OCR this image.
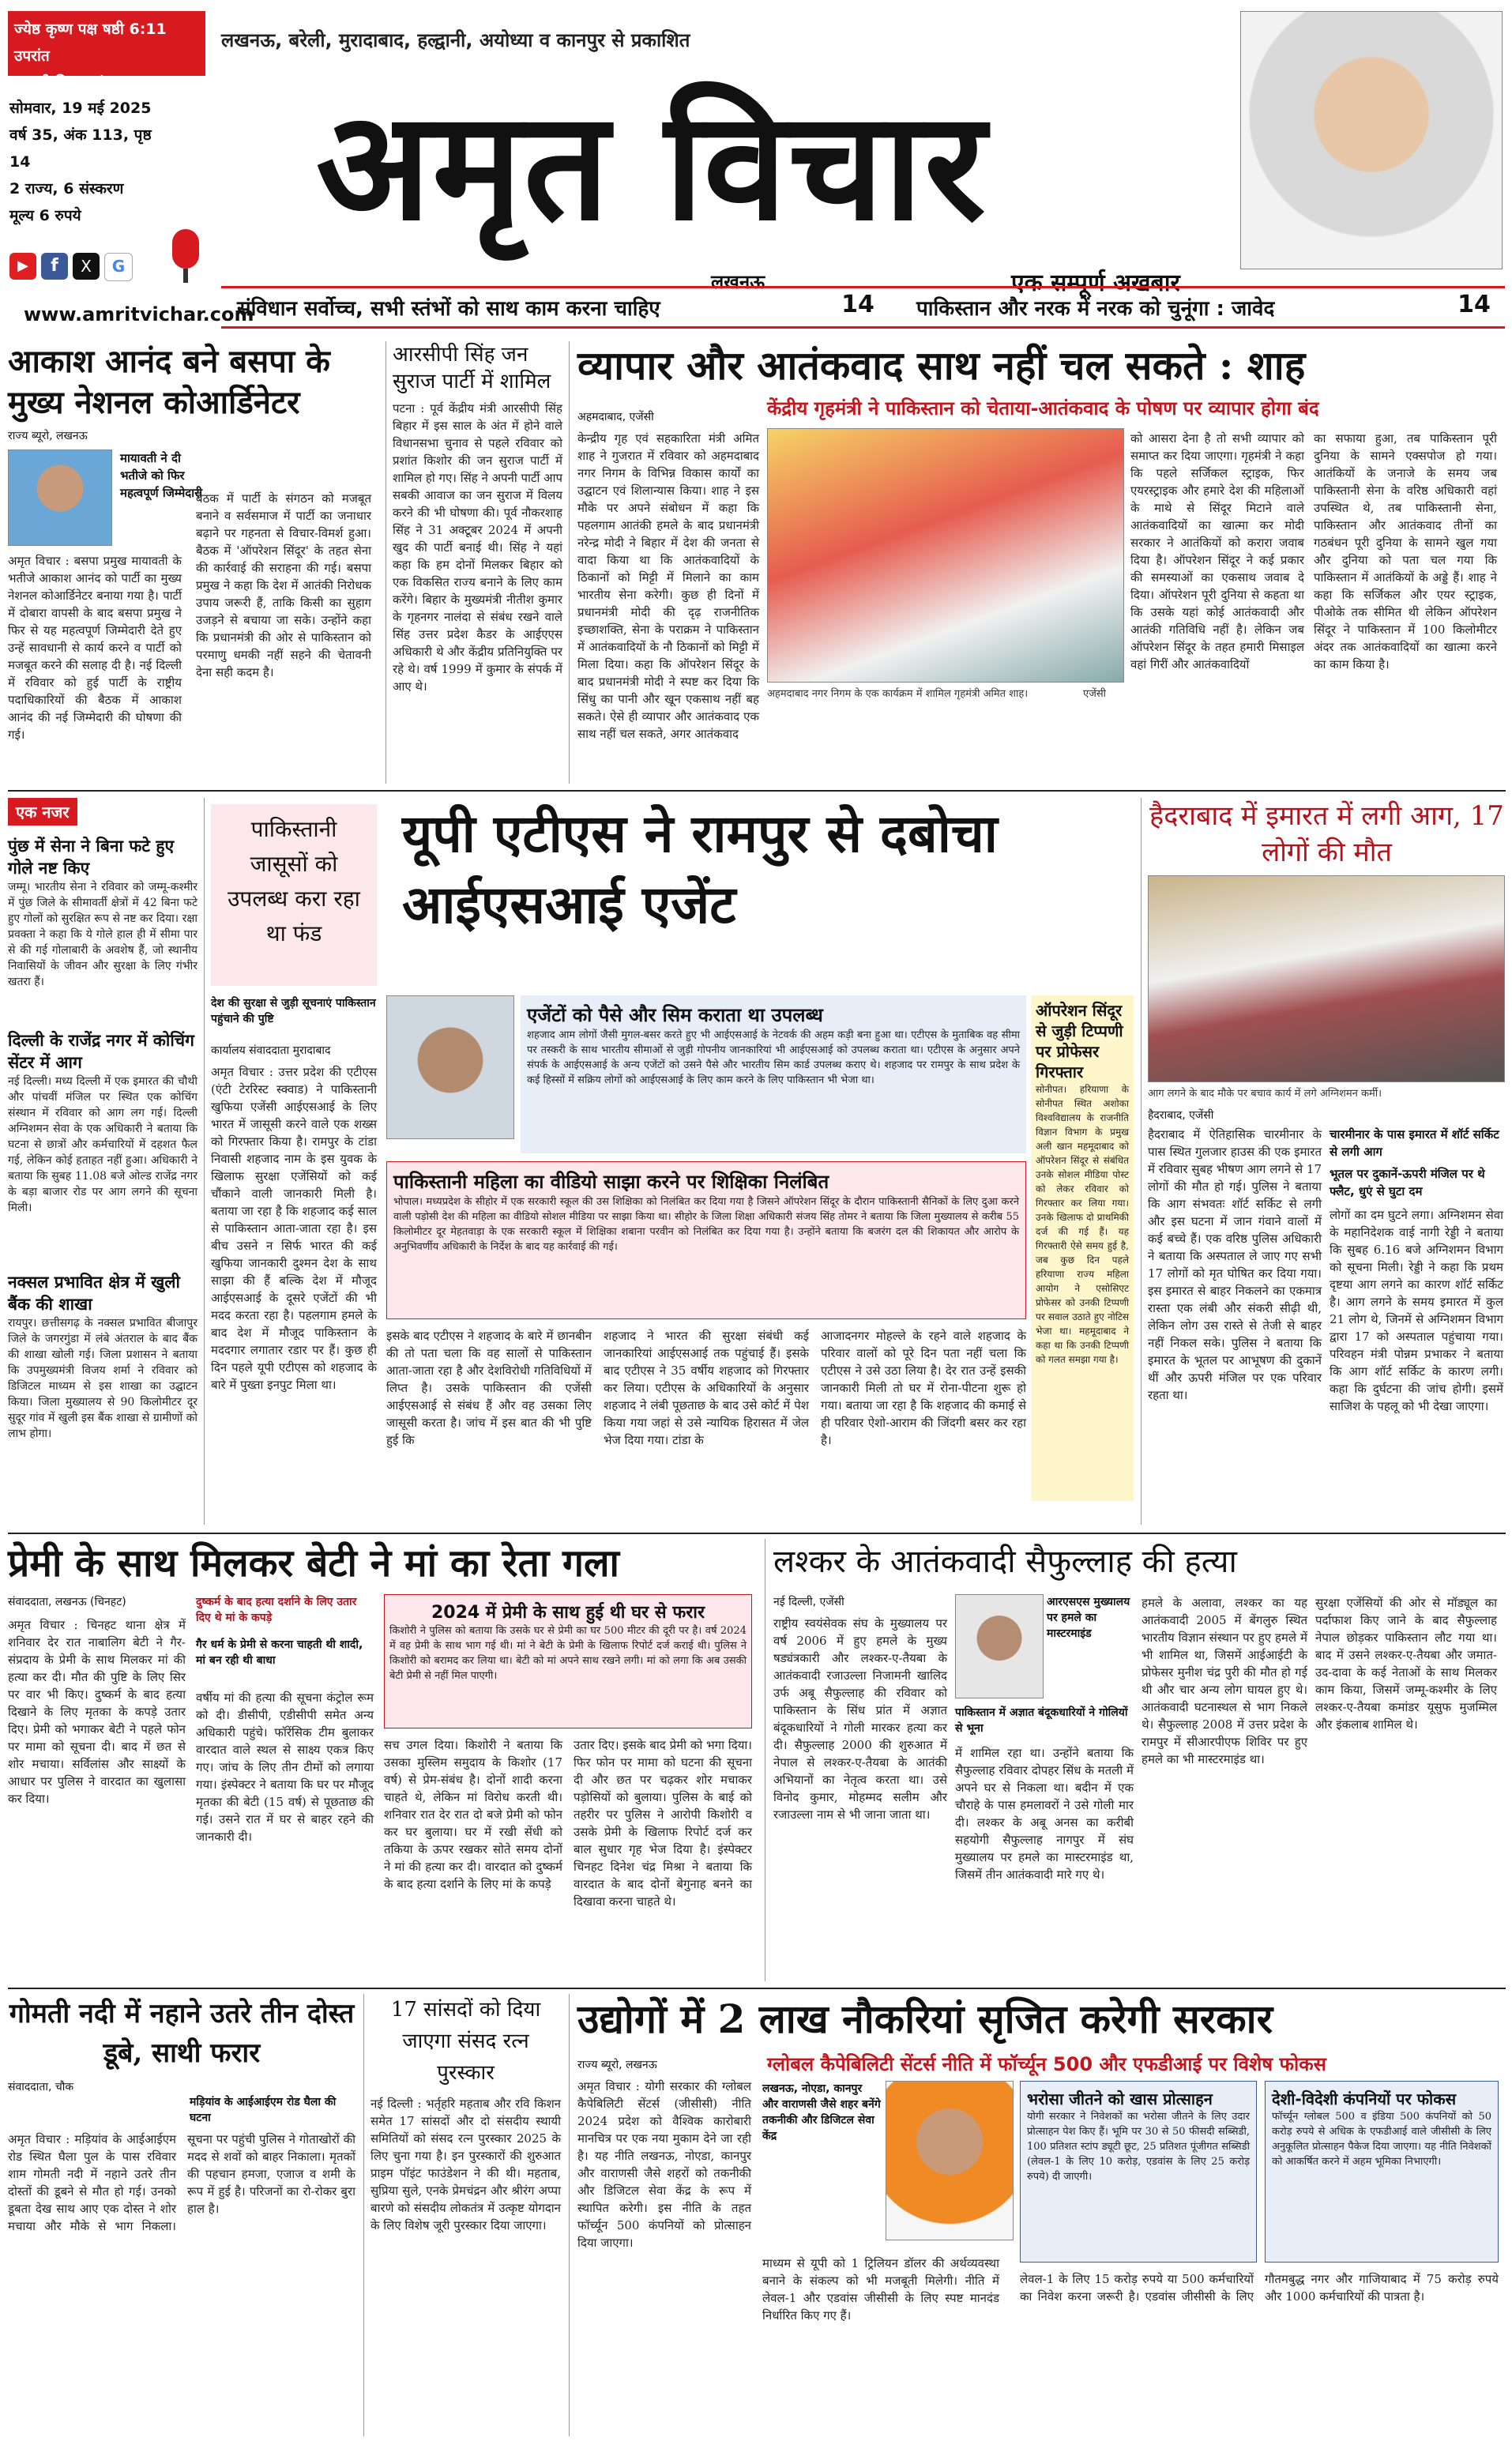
ज्येष्ठ कृष्ण पक्ष षष्ठी 6:11 उपरांत
सप्तमी विक्रम संवत 2082
लखनऊ, बरेली, मुरादाबाद, हल्द्वानी, अयोध्या व कानपुर से प्रकाशित
सोमवार, 19 मई 2025
वर्ष 35, अंक 113, पृष्ठ 14
2 राज्य, 6 संस्करण
मूल्य 6 रुपये
▶	f	X	G
www.amritvichar.com
अमृत विचार
लखनऊ	एक सम्पूर्ण अखबार
संविधान सर्वोच्च, सभी स्तंभों को साथ काम करना चाहिए	14 पाकिस्तान और नरक में नरक को चुनूंगा : जावेद	14
आकाश आनंद बने बसपा के मुख्य नेशनल कोआर्डिनेटर
राज्य ब्यूरो, लखनऊ
मायावती ने दी भतीजे को फिर महत्वपूर्ण जिम्मेदारी
अमृत विचार : बसपा प्रमुख मायावती के भतीजे आकाश आनंद को पार्टी का मुख्य नेशनल कोआर्डिनेटर बनाया गया है। पार्टी में दोबारा वापसी के बाद बसपा प्रमुख ने फिर से यह महत्वपूर्ण जिम्मेदारी देते हुए उन्हें सावधानी से कार्य करने व पार्टी को मजबूत करने की सलाह दी है। नई दिल्ली में रविवार को हुई पार्टी के राष्ट्रीय पदाधिकारियों की बैठक में आकाश आनंद की नई जिम्मेदारी की घोषणा की गई।
बैठक में पार्टी के संगठन को मजबूत बनाने व सर्वसमाज में पार्टी का जनाधार बढ़ाने पर गहनता से विचार-विमर्श हुआ। बैठक में 'ऑपरेशन सिंदूर' के तहत सेना की कार्रवाई की सराहना की गई। बसपा प्रमुख ने कहा कि देश में आतंकी निरोधक उपाय जरूरी हैं, ताकि किसी का सुहाग उजड़ने से बचाया जा सके। उन्होंने कहा कि प्रधानमंत्री की ओर से पाकिस्तान को परमाणु धमकी नहीं सहने की चेतावनी देना सही कदम है।
आरसीपी सिंह जन सुराज पार्टी में शामिल
पटना : पूर्व केंद्रीय मंत्री आरसीपी सिंह बिहार में इस साल के अंत में होने वाले विधानसभा चुनाव से पहले रविवार को प्रशांत किशोर की जन सुराज पार्टी में शामिल हो गए। सिंह ने अपनी पार्टी आप सबकी आवाज का जन सुराज में विलय करने की भी घोषणा की। पूर्व नौकरशाह सिंह ने 31 अक्टूबर 2024 में अपनी खुद की पार्टी बनाई थी। सिंह ने यहां कहा कि हम दोनों मिलकर बिहार को एक विकसित राज्य बनाने के लिए काम करेंगे। बिहार के मुख्यमंत्री नीतीश कुमार के गृहनगर नालंदा से संबंध रखने वाले सिंह उत्तर प्रदेश कैडर के आईएएस अधिकारी थे और केंद्रीय प्रतिनियुक्ति पर रहे थे। वर्ष 1999 में कुमार के संपर्क में आए थे।
व्यापार और आतंकवाद साथ नहीं चल सकते : शाह
अहमदाबाद, एजेंसी	केंद्रीय गृहमंत्री ने पाकिस्तान को चेताया-आतंकवाद के पोषण पर व्यापार होगा बंद
केन्द्रीय गृह एवं सहकारिता मंत्री अमित शाह ने गुजरात में रविवार को अहमदाबाद नगर निगम के विभिन्न विकास कार्यों का उद्घाटन एवं शिलान्यास किया। शाह ने इस मौके पर अपने संबोधन में कहा कि पहलगाम आतंकी हमले के बाद प्रधानमंत्री नरेन्द्र मोदी ने बिहार में देश की जनता से वादा किया था कि आतंकवादियों के ठिकानों को मिट्टी में मिलाने का काम भारतीय सेना करेगी। कुछ ही दिनों में प्रधानमंत्री मोदी की दृढ़ राजनीतिक इच्छाशक्ति, सेना के पराक्रम ने पाकिस्तान में आतंकवादियों के नौ ठिकानों को मिट्टी में मिला दिया। कहा कि ऑपरेशन सिंदूर के बाद प्रधानमंत्री मोदी ने स्पष्ट कर दिया कि सिंधु का पानी और खून एकसाथ नहीं बह सकते। ऐसे ही व्यापार और आतंकवाद एक साथ नहीं चल सकते, अगर आतंकवाद
अहमदाबाद नगर निगम के एक कार्यक्रम में शामिल गृहमंत्री अमित शाह।	एजेंसी
को आसरा देना है तो सभी व्यापार को समाप्त कर दिया जाएगा। गृहमंत्री ने कहा कि पहले सर्जिकल स्ट्राइक, फिर एयरस्ट्राइक और हमारे देश की महिलाओं के माथे से सिंदूर मिटाने वाले आतंकवादियों का खात्मा कर मोदी सरकार ने आतंकियों को करारा जवाब दिया है। ऑपरेशन सिंदूर ने कई प्रकार की समस्याओं का एकसाथ जवाब दे दिया। ऑपरेशन पूरी दुनिया से कहता था कि उसके यहां कोई आतंकवादी और आतंकी गतिविधि नहीं है। लेकिन जब ऑपरेशन सिंदूर के तहत हमारी मिसाइल वहां गिरीं और आतंकवादियों
का सफाया हुआ, तब पाकिस्तान पूरी दुनिया के सामने एक्सपोज हो गया। आतंकियों के जनाजे के समय जब पाकिस्तानी सेना के वरिष्ठ अधिकारी वहां उपस्थित थे, तब पाकिस्तानी सेना, पाकिस्तान और आतंकवाद तीनों का गठबंधन पूरी दुनिया के सामने खुल गया और दुनिया को पता चल गया कि पाकिस्तान में आतंकियों के अड्डे हैं। शाह ने कहा कि सर्जिकल और एयर स्ट्राइक, पीओके तक सीमित थी लेकिन ऑपरेशन सिंदूर ने पाकिस्तान में 100 किलोमीटर अंदर तक आतंकवादियों का खात्मा करने का काम किया है।
एक नजर
पुंछ में सेना ने बिना फटे हुए गोले नष्ट किए
जम्मू। भारतीय सेना ने रविवार को जम्मू-कश्मीर में पुंछ जिले के सीमावर्ती क्षेत्रों में 42 बिना फटे हुए गोलों को सुरक्षित रूप से नष्ट कर दिया। रक्षा प्रवक्ता ने कहा कि ये गोले हाल ही में सीमा पार से की गई गोलाबारी के अवशेष हैं, जो स्थानीय निवासियों के जीवन और सुरक्षा के लिए गंभीर खतरा हैं।
दिल्ली के राजेंद्र नगर में कोचिंग सेंटर में आग
नई दिल्ली। मध्य दिल्ली में एक इमारत की चौथी और पांचवीं मंजिल पर स्थित एक कोचिंग संस्थान में रविवार को आग लग गई। दिल्ली अग्निशमन सेवा के एक अधिकारी ने बताया कि घटना से छात्रों और कर्मचारियों में दहशत फैल गई, लेकिन कोई हताहत नहीं हुआ। अधिकारी ने बताया कि सुबह 11.08 बजे ओल्ड राजेंद्र नगर के बड़ा बाजार रोड पर आग लगने की सूचना मिली।
नक्सल प्रभावित क्षेत्र में खुली बैंक की शाखा
रायपुर। छत्तीसगढ़ के नक्सल प्रभावित बीजापुर जिले के जगरगुंडा में लंबे अंतराल के बाद बैंक की शाखा खोली गई। जिला प्रशासन ने बताया कि उपमुख्यमंत्री विजय शर्मा ने रविवार को डिजिटल माध्यम से इस शाखा का उद्घाटन किया। जिला मुख्यालय से 90 किलोमीटर दूर सुदूर गांव में खुली इस बैंक शाखा से ग्रामीणों को लाभ होगा।
पाकिस्तानी जासूसों को उपलब्ध करा रहा था फंड
यूपी एटीएस ने रामपुर से दबोचा आईएसआई एजेंट
देश की सुरक्षा से जुड़ी सूचनाएं पाकिस्तान पहुंचाने की पुष्टि
कार्यालय संवाददाता मुरादाबाद
अमृत विचार : उत्तर प्रदेश की एटीएस (एंटी टेररिस्ट स्क्वाड) ने पाकिस्तानी खुफिया एजेंसी आईएसआई के लिए भारत में जासूसी करने वाले एक शख्स को गिरफ्तार किया है। रामपुर के टांडा निवासी शहजाद नाम के इस युवक के खिलाफ सुरक्षा एजेंसियों को कई चौंकाने वाली जानकारी मिली है। बताया जा रहा है कि शहजाद कई साल से पाकिस्तान आता-जाता रहा है। इस बीच उसने न सिर्फ भारत की कई खुफिया जानकारी दुश्मन देश के साथ साझा की हैं बल्कि देश में मौजूद आईएसआई के दूसरे एजेंटों की भी मदद करता रहा है। पहलगाम हमले के बाद देश में मौजूद पाकिस्तान के मददगार लगातार रडार पर हैं। कुछ ही दिन पहले यूपी एटीएस को शहजाद के बारे में पुख्ता इनपुट मिला था।
एजेंटों को पैसे और सिम कराता था उपलब्ध
शहजाद आम लोगों जैसी मुगल-बसर करते हुए भी आईएसआई के नेटवर्क की अहम कड़ी बना हुआ था। एटीएस के मुताबिक वह सीमा पर तस्करी के साथ भारतीय सीमाओं से जुड़ी गोपनीय जानकारियां भी आईएसआई को उपलब्ध कराता था। एटीएस के अनुसार अपने संपर्क के आईएसआई के अन्य एजेंटों को उसने पैसे और भारतीय सिम कार्ड उपलब्ध कराए थे। शहजाद पर रामपुर के साथ प्रदेश के कई हिस्सों में सक्रिय लोगों को आईएसआई के लिए काम करने के लिए पाकिस्तान भी भेजा था।
ऑपरेशन सिंदूर से जुड़ी टिप्पणी पर प्रोफेसर गिरफ्तार
सोनीपत। हरियाणा के सोनीपत स्थित अशोका विश्वविद्यालय के राजनीति विज्ञान विभाग के प्रमुख अली खान महमूदाबाद को ऑपरेशन सिंदूर से संबंधित उनके सोशल मीडिया पोस्ट को लेकर रविवार को गिरफ्तार कर लिया गया। उनके खिलाफ दो प्राथमिकी दर्ज की गई हैं। यह गिरफ्तारी ऐसे समय हुई है, जब कुछ दिन पहले हरियाणा राज्य महिला आयोग ने एसोसिएट प्रोफेसर को उनकी टिप्पणी पर सवाल उठाते हुए नोटिस भेजा था। महमूदाबाद ने कहा था कि उनकी टिप्पणी को गलत समझा गया है।
पाकिस्तानी महिला का वीडियो साझा करने पर शिक्षिका निलंबित
भोपाल। मध्यप्रदेश के सीहोर में एक सरकारी स्कूल की उस शिक्षिका को निलंबित कर दिया गया है जिसने ऑपरेशन सिंदूर के दौरान पाकिस्तानी सैनिकों के लिए दुआ करने वाली पड़ोसी देश की महिला का वीडियो सोशल मीडिया पर साझा किया था। सीहोर के जिला शिक्षा अधिकारी संजय सिंह तोमर ने बताया कि जिला मुख्यालय से करीब 55 किलोमीटर दूर मेहतवाड़ा के एक सरकारी स्कूल में शिक्षिका शबाना परवीन को निलंबित कर दिया गया है। उन्होंने बताया कि बजरंग दल की शिकायत और आरोप के अनुभिवर्णीय अधिकारी के निर्देश के बाद यह कार्रवाई की गई।
इसके बाद एटीएस ने शहजाद के बारे में छानबीन की तो पता चला कि वह सालों से पाकिस्तान आता-जाता रहा है और देशविरोधी गतिविधियों में लिप्त है। उसके पाकिस्तान की एजेंसी आईएसआई से संबंध हैं और वह उसका लिए जासूसी करता है। जांच में इस बात की भी पुष्टि हुई कि
शहजाद ने भारत की सुरक्षा संबंधी कई जानकारियां आईएसआई तक पहुंचाई हैं। इसके बाद एटीएस ने 35 वर्षीय शहजाद को गिरफ्तार कर लिया। एटीएस के अधिकारियों के अनुसार शहजाद ने लंबी पूछताछ के बाद उसे कोर्ट में पेश किया गया जहां से उसे न्यायिक हिरासत में जेल भेज दिया गया। टांडा के
आजादनगर मोहल्ले के रहने वाले शहजाद के परिवार वालों को पूरे दिन पता नहीं चला कि एटीएस ने उसे उठा लिया है। देर रात उन्हें इसकी जानकारी मिली तो घर में रोना-पीटना शुरू हो गया। बताया जा रहा है कि शहजाद की कमाई से ही परिवार ऐशो-आराम की जिंदगी बसर कर रहा है।
हैदराबाद में इमारत में लगी आग, 17 लोगों की मौत
आग लगने के बाद मौके पर बचाव कार्य में लगे अग्निशमन कर्मी।
हैदराबाद, एजेंसी
हैदराबाद में ऐतिहासिक चारमीनार के पास स्थित गुलजार हाउस की एक इमारत में रविवार सुबह भीषण आग लगने से 17 लोगों की मौत हो गई। पुलिस ने बताया कि आग संभवतः शॉर्ट सर्किट से लगी और इस घटना में जान गंवाने वालों में कई बच्चे हैं। एक वरिष्ठ पुलिस अधिकारी ने बताया कि अस्पताल ले जाए गए सभी 17 लोगों को मृत घोषित कर दिया गया। इस इमारत से बाहर निकलने का एकमात्र रास्ता एक लंबी और संकरी सीढ़ी थी, लेकिन लोग उस रास्ते से तेजी से बाहर नहीं निकल सके। पुलिस ने बताया कि इमारत के भूतल पर आभूषण की दुकानें थीं और ऊपरी मंजिल पर एक परिवार रहता था।
चारमीनार के पास इमारत में शॉर्ट सर्किट से लगी आग
भूतल पर दुकानें-ऊपरी मंजिल पर थे फ्लैट, धुएं से घुटा दम
लोगों का दम घुटने लगा। अग्निशमन सेवा के महानिदेशक वाई नागी रेड्डी ने बताया कि सुबह 6.16 बजे अग्निशमन विभाग को सूचना मिली। रेड्डी ने कहा कि प्रथम दृष्टया आग लगने का कारण शॉर्ट सर्किट है। आग लगने के समय इमारत में कुल 21 लोग थे, जिनमें से अग्निशमन विभाग द्वारा 17 को अस्पताल पहुंचाया गया। परिवहन मंत्री पोन्नम प्रभाकर ने बताया कि आग शॉर्ट सर्किट के कारण लगी। कहा कि दुर्घटना की जांच होगी। इसमें साजिश के पहलू को भी देखा जाएगा।
प्रेमी के साथ मिलकर बेटी ने मां का रेता गला
संवाददाता, लखनऊ (चिनहट)
अमृत विचार : चिनहट थाना क्षेत्र में शनिवार देर रात नाबालिग बेटी ने गैर-संप्रदाय के प्रेमी के साथ मिलकर मां की हत्या कर दी। मौत की पुष्टि के लिए सिर पर वार भी किए। दुष्कर्म के बाद हत्या दिखाने के लिए मृतका के कपड़े उतार दिए। प्रेमी को भगाकर बेटी ने पहले फोन पर मामा को सूचना दी। बाद में छत से शोर मचाया। सर्विलांस और साक्ष्यों के आधार पर पुलिस ने वारदात का खुलासा कर दिया।
दुष्कर्म के बाद हत्या दर्शाने के लिए उतार दिए थे मां के कपड़े
गैर धर्म के प्रेमी से करना चाहती थी शादी, मां बन रही थी बाधा
वर्षीय मां की हत्या की सूचना कंट्रोल रूम को दी। डीसीपी, एडीसीपी समेत अन्य अधिकारी पहुंचे। फॉरेंसिक टीम बुलाकर वारदात वाले स्थल से साक्ष्य एकत्र किए गए। जांच के लिए तीन टीमों को लगाया गया। इंस्पेक्टर ने बताया कि घर पर मौजूद मृतका की बेटी (15 वर्ष) से पूछताछ की गई। उसने रात में घर से बाहर रहने की जानकारी दी।
2024 में प्रेमी के साथ हुई थी घर से फरार
किशोरी ने पुलिस को बताया कि उसके घर से प्रेमी का घर 500 मीटर की दूरी पर है। वर्ष 2024 में वह प्रेमी के साथ भाग गई थी। मां ने बेटी के प्रेमी के खिलाफ रिपोर्ट दर्ज कराई थी। पुलिस ने किशोरी को बरामद कर लिया था। बेटी को मां अपने साथ रखने लगी। मां को लगा कि अब उसकी बेटी प्रेमी से नहीं मिल पाएगी।
सच उगल दिया। किशोरी ने बताया कि उसका मुस्लिम समुदाय के किशोर (17 वर्ष) से प्रेम-संबंध है। दोनों शादी करना चाहते थे, लेकिन मां विरोध करती थी। शनिवार रात देर रात दो बजे प्रेमी को फोन कर घर बुलाया। घर में रखी सेंधी को तकिया के ऊपर रखकर सोते समय दोनों ने मां की हत्या कर दी। वारदात को दुष्कर्म के बाद हत्या दर्शाने के लिए मां के कपड़े
उतार दिए। इसके बाद प्रेमी को भगा दिया। फिर फोन पर मामा को घटना की सूचना दी और छत पर चढ़कर शोर मचाकर पड़ोसियों को बुलाया। पुलिस के बाई को तहरीर पर पुलिस ने आरोपी किशोरी व उसके प्रेमी के खिलाफ रिपोर्ट दर्ज कर बाल सुधार गृह भेज दिया है। इंस्पेक्टर चिनहट दिनेश चंद्र मिश्रा ने बताया कि वारदात के बाद दोनों बेगुनाह बनने का दिखावा करना चाहते थे।
लश्कर के आतंकवादी सैफुल्लाह की हत्या
नई दिल्ली, एजेंसी
राष्ट्रीय स्वयंसेवक संघ के मुख्यालय पर वर्ष 2006 में हुए हमले के मुख्य षड्यंत्रकारी और लश्कर-ए-तैयबा के आतंकवादी रजाउल्ला निजामनी खालिद उर्फ अबू सैफुल्लाह की रविवार को पाकिस्तान के सिंध प्रांत में अज्ञात बंदूकधारियों ने गोली मारकर हत्या कर दी। सैफुल्लाह 2000 की शुरुआत में नेपाल से लश्कर-ए-तैयबा के आतंकी अभियानों का नेतृत्व करता था। उसे विनोद कुमार, मोहम्मद सलीम और रजाउल्ला नाम से भी जाना जाता था।
आरएसएस मुख्यालय पर हमले का मास्टरमाइंड
पाकिस्तान में अज्ञात बंदूकधारियों ने गोलियों से भूना
में शामिल रहा था। उन्होंने बताया कि सैफुल्लाह रविवार दोपहर सिंध के मतली में अपने घर से निकला था। बदीन में एक चौराहे के पास हमलावरों ने उसे गोली मार दी। लश्कर के अबू अनस का करीबी सहयोगी सैफुल्लाह नागपुर में संघ मुख्यालय पर हमले का मास्टरमाइंड था, जिसमें तीन आतंकवादी मारे गए थे।
हमले के अलावा, लश्कर का यह आतंकवादी 2005 में बेंगलुरु स्थित भारतीय विज्ञान संस्थान पर हुए हमले में भी शामिल था, जिसमें आईआईटी के प्रोफेसर मुनीश चंद्र पुरी की मौत हो गई थी और चार अन्य लोग घायल हुए थे। आतंकवादी घटनास्थल से भाग निकले थे। सैफुल्लाह 2008 में उत्तर प्रदेश के रामपुर में सीआरपीएफ शिविर पर हुए हमले का भी मास्टरमाइंड था।
सुरक्षा एजेंसियों की ओर से मॉड्यूल का पर्दाफाश किए जाने के बाद सैफुल्लाह नेपाल छोड़कर पाकिस्तान लौट गया था। बाद में उसने लश्कर-ए-तैयबा और जमात-उद-दावा के कई नेताओं के साथ मिलकर काम किया, जिसमें जम्मू-कश्मीर के लिए लश्कर-ए-तैयबा कमांडर यूसुफ मुजम्मिल और इंकलाब शामिल थे।
गोमती नदी में नहाने उतरे तीन दोस्त डूबे, साथी फरार
संवाददाता, चौक
मड़ियांव के आईआईएम रोड घैला की घटना
अमृत विचार : मड़ियांव के आईआईएम रोड स्थित घैला पुल के पास रविवार शाम गोमती नदी में नहाने उतरे तीन दोस्तों की डूबने से मौत हो गई। उनको डूबता देख साथ आए एक दोस्त ने शोर मचाया और मौके से भाग निकला। सूचना पर पहुंची पुलिस ने गोताखोरों की मदद से शवों को बाहर निकाला। मृतकों की पहचान हमजा, एजाज व शमी के रूप में हुई है। परिजनों का रो-रोकर बुरा हाल है।
17 सांसदों को दिया जाएगा संसद रत्न पुरस्कार
नई दिल्ली : भर्तृहरि महताब और रवि किशन समेत 17 सांसदों और दो संसदीय स्थायी समितियों को संसद रत्न पुरस्कार 2025 के लिए चुना गया है। इन पुरस्कारों की शुरुआत प्राइम पॉइंट फाउंडेशन ने की थी। महताब, सुप्रिया सुले, एनके प्रेमचंद्रन और श्रीरंग अप्पा बारणे को संसदीय लोकतंत्र में उत्कृष्ट योगदान के लिए विशेष जूरी पुरस्कार दिया जाएगा।
उद्योगों में 2 लाख नौकरियां सृजित करेगी सरकार
राज्य ब्यूरो, लखनऊ	ग्लोबल कैपेबिलिटी सेंटर्स नीति में फॉर्च्यून 500 और एफडीआई पर विशेष फोकस
अमृत विचार : योगी सरकार की ग्लोबल कैपेबिलिटी सेंटर्स (जीसीसी) नीति 2024 प्रदेश को वैश्विक कारोबारी मानचित्र पर एक नया मुकाम देने जा रही है। यह नीति लखनऊ, नोएडा, कानपुर और वाराणसी जैसे शहरों को तकनीकी और डिजिटल सेवा केंद्र के रूप में स्थापित करेगी। इस नीति के तहत फॉर्च्यून 500 कंपनियों को प्रोत्साहन दिया जाएगा।
लखनऊ, नोएडा, कानपुर और वाराणसी जैसे शहर बनेंगे तकनीकी और डिजिटल सेवा केंद्र
भरोसा जीतने को खास प्रोत्साहन
योगी सरकार ने निवेशकों का भरोसा जीतने के लिए उदार प्रोत्साहन पेश किए हैं। भूमि पर 30 से 50 फीसदी सब्सिडी, 100 प्रतिशत स्टांप ड्यूटी छूट, 25 प्रतिशत पूंजीगत सब्सिडी (लेवल-1 के लिए 10 करोड़, एडवांस के लिए 25 करोड़ रुपये) दी जाएगी।
देशी-विदेशी कंपनियों पर फोकस
फॉर्च्यून ग्लोबल 500 व इंडिया 500 कंपनियों को 50 करोड़ रुपये से अधिक के एफडीआई वाले जीसीसी के लिए अनुकूलित प्रोत्साहन पैकेज दिया जाएगा। यह नीति निवेशकों को आकर्षित करने में अहम भूमिका निभाएगी।
माध्यम से यूपी को 1 ट्रिलियन डॉलर की अर्थव्यवस्था बनाने के संकल्प को भी मजबूती मिलेगी। नीति में लेवल-1 और एडवांस जीसीसी के लिए स्पष्ट मानदंड निर्धारित किए गए हैं।
लेवल-1 के लिए 15 करोड़ रुपये या 500 कर्मचारियों का निवेश करना जरूरी है। एडवांस जीसीसी के लिए गौतमबुद्ध नगर और गाजियाबाद में 75 करोड़ रुपये और 1000 कर्मचारियों की पात्रता है।
